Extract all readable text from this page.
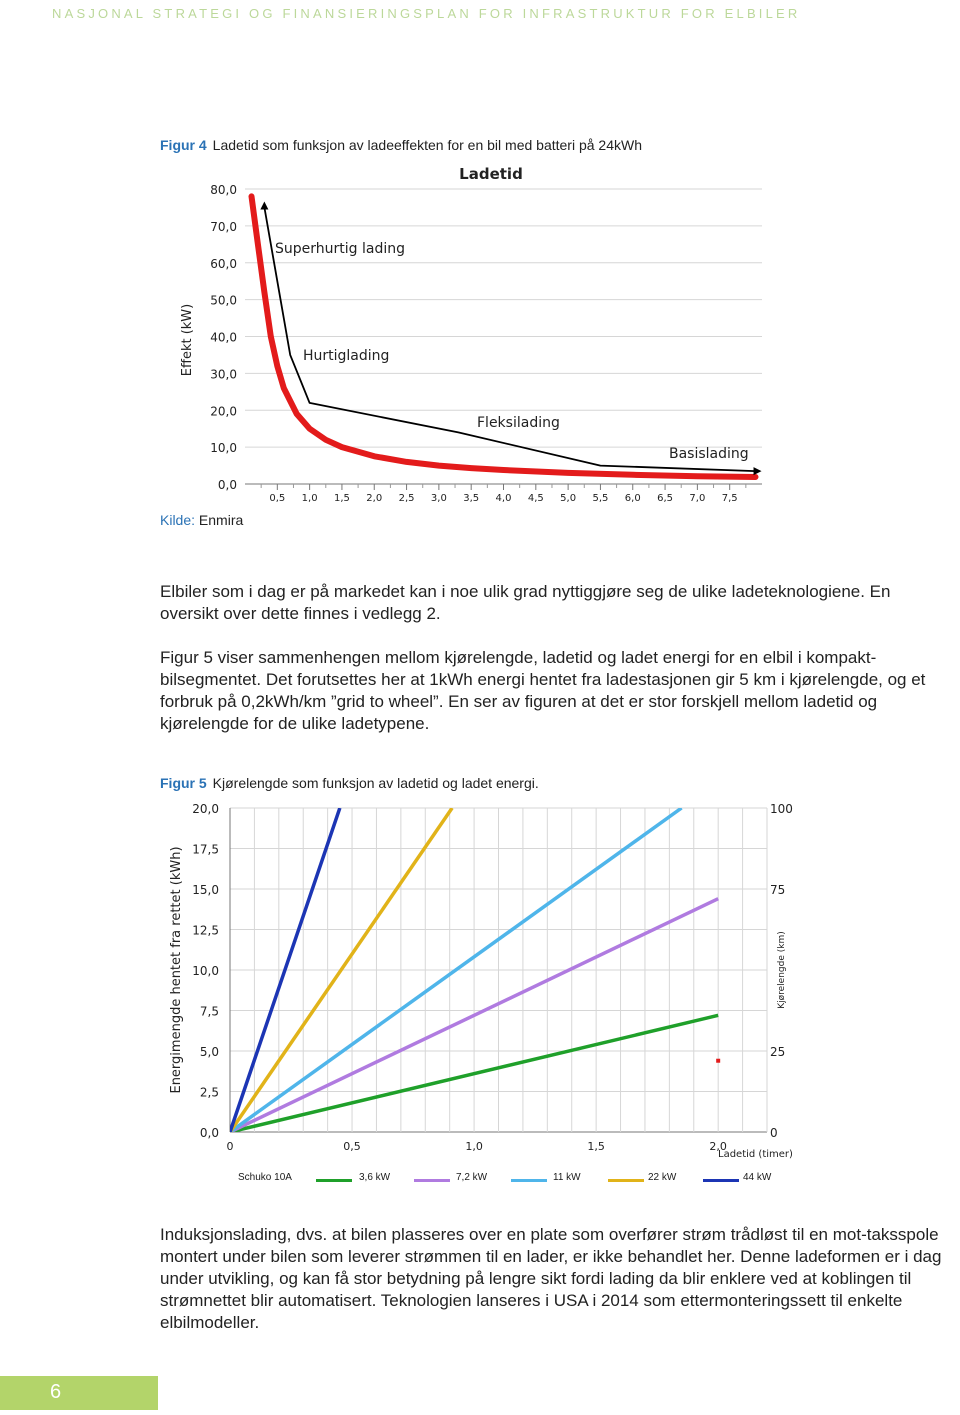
NASJONAL STRATEGI OG FINANSIERINGSPLAN FOR INFRASTRUKTUR FOR ELBILER
Figur 4 Ladetid som funksjon av ladeeffekten for en bil med batteri på 24kWh
Ladetid
Effekt (kW)
0,0
10,0
20,0
30,0
40,0
50,0
60,0
70,0
80,0
0,5 1,0 1,5 2,0 2,5 3,0 3,5 4,0 4,5 5,0 5,5 6,0 6,5 7,0 7,5
Superhurtig lading
Hurtiglading
Fleksilading
Basislading
Kilde: Enmira

Elbiler som i dag er på markedet kan i noe ulik grad nyttiggjøre seg de ulike ladeteknologiene. En oversikt over dette finnes i vedlegg 2.

Figur 5 viser sammenhengen mellom kjørelengde, ladetid og ladet energi for en elbil i kompakt-bilsegmentet. Det forutsettes her at 1kWh energi hentet fra ladestasjonen gir 5 km i kjørelengde, og et forbruk på 0,2kWh/km ”grid to wheel”. En ser av figuren at det er stor forskjell mellom ladetid og kjørelengde for de ulike ladetypene.

Figur 5 Kjørelengde som funksjon av ladetid og ladet energi.
Energimengde hentet fra rettet (kWh)	Kjørelengde (km)
Ladetid (timer)
0,0
2,5
5,0
7,5
10,0
12,5
15,0
17,5
20,0
0
25
75
100
0	0,5	1,0	1,5	2,0
Schuko 10A	3,6 kW	7,2 kW	11 kW	22 kW	44 kW

Induksjonslading, dvs. at bilen plasseres over en plate som overfører strøm trådløst til en mot-taksspole montert under bilen som leverer strømmen til en lader, er ikke behandlet her. Denne ladeformen er i dag under utvikling, og kan få stor betydning på lengre sikt fordi lading da blir enklere ved at koblingen til strømnettet blir automatisert. Teknologien lanseres i USA i 2014 som ettermonteringssett til enkelte elbilmodeller.

6
